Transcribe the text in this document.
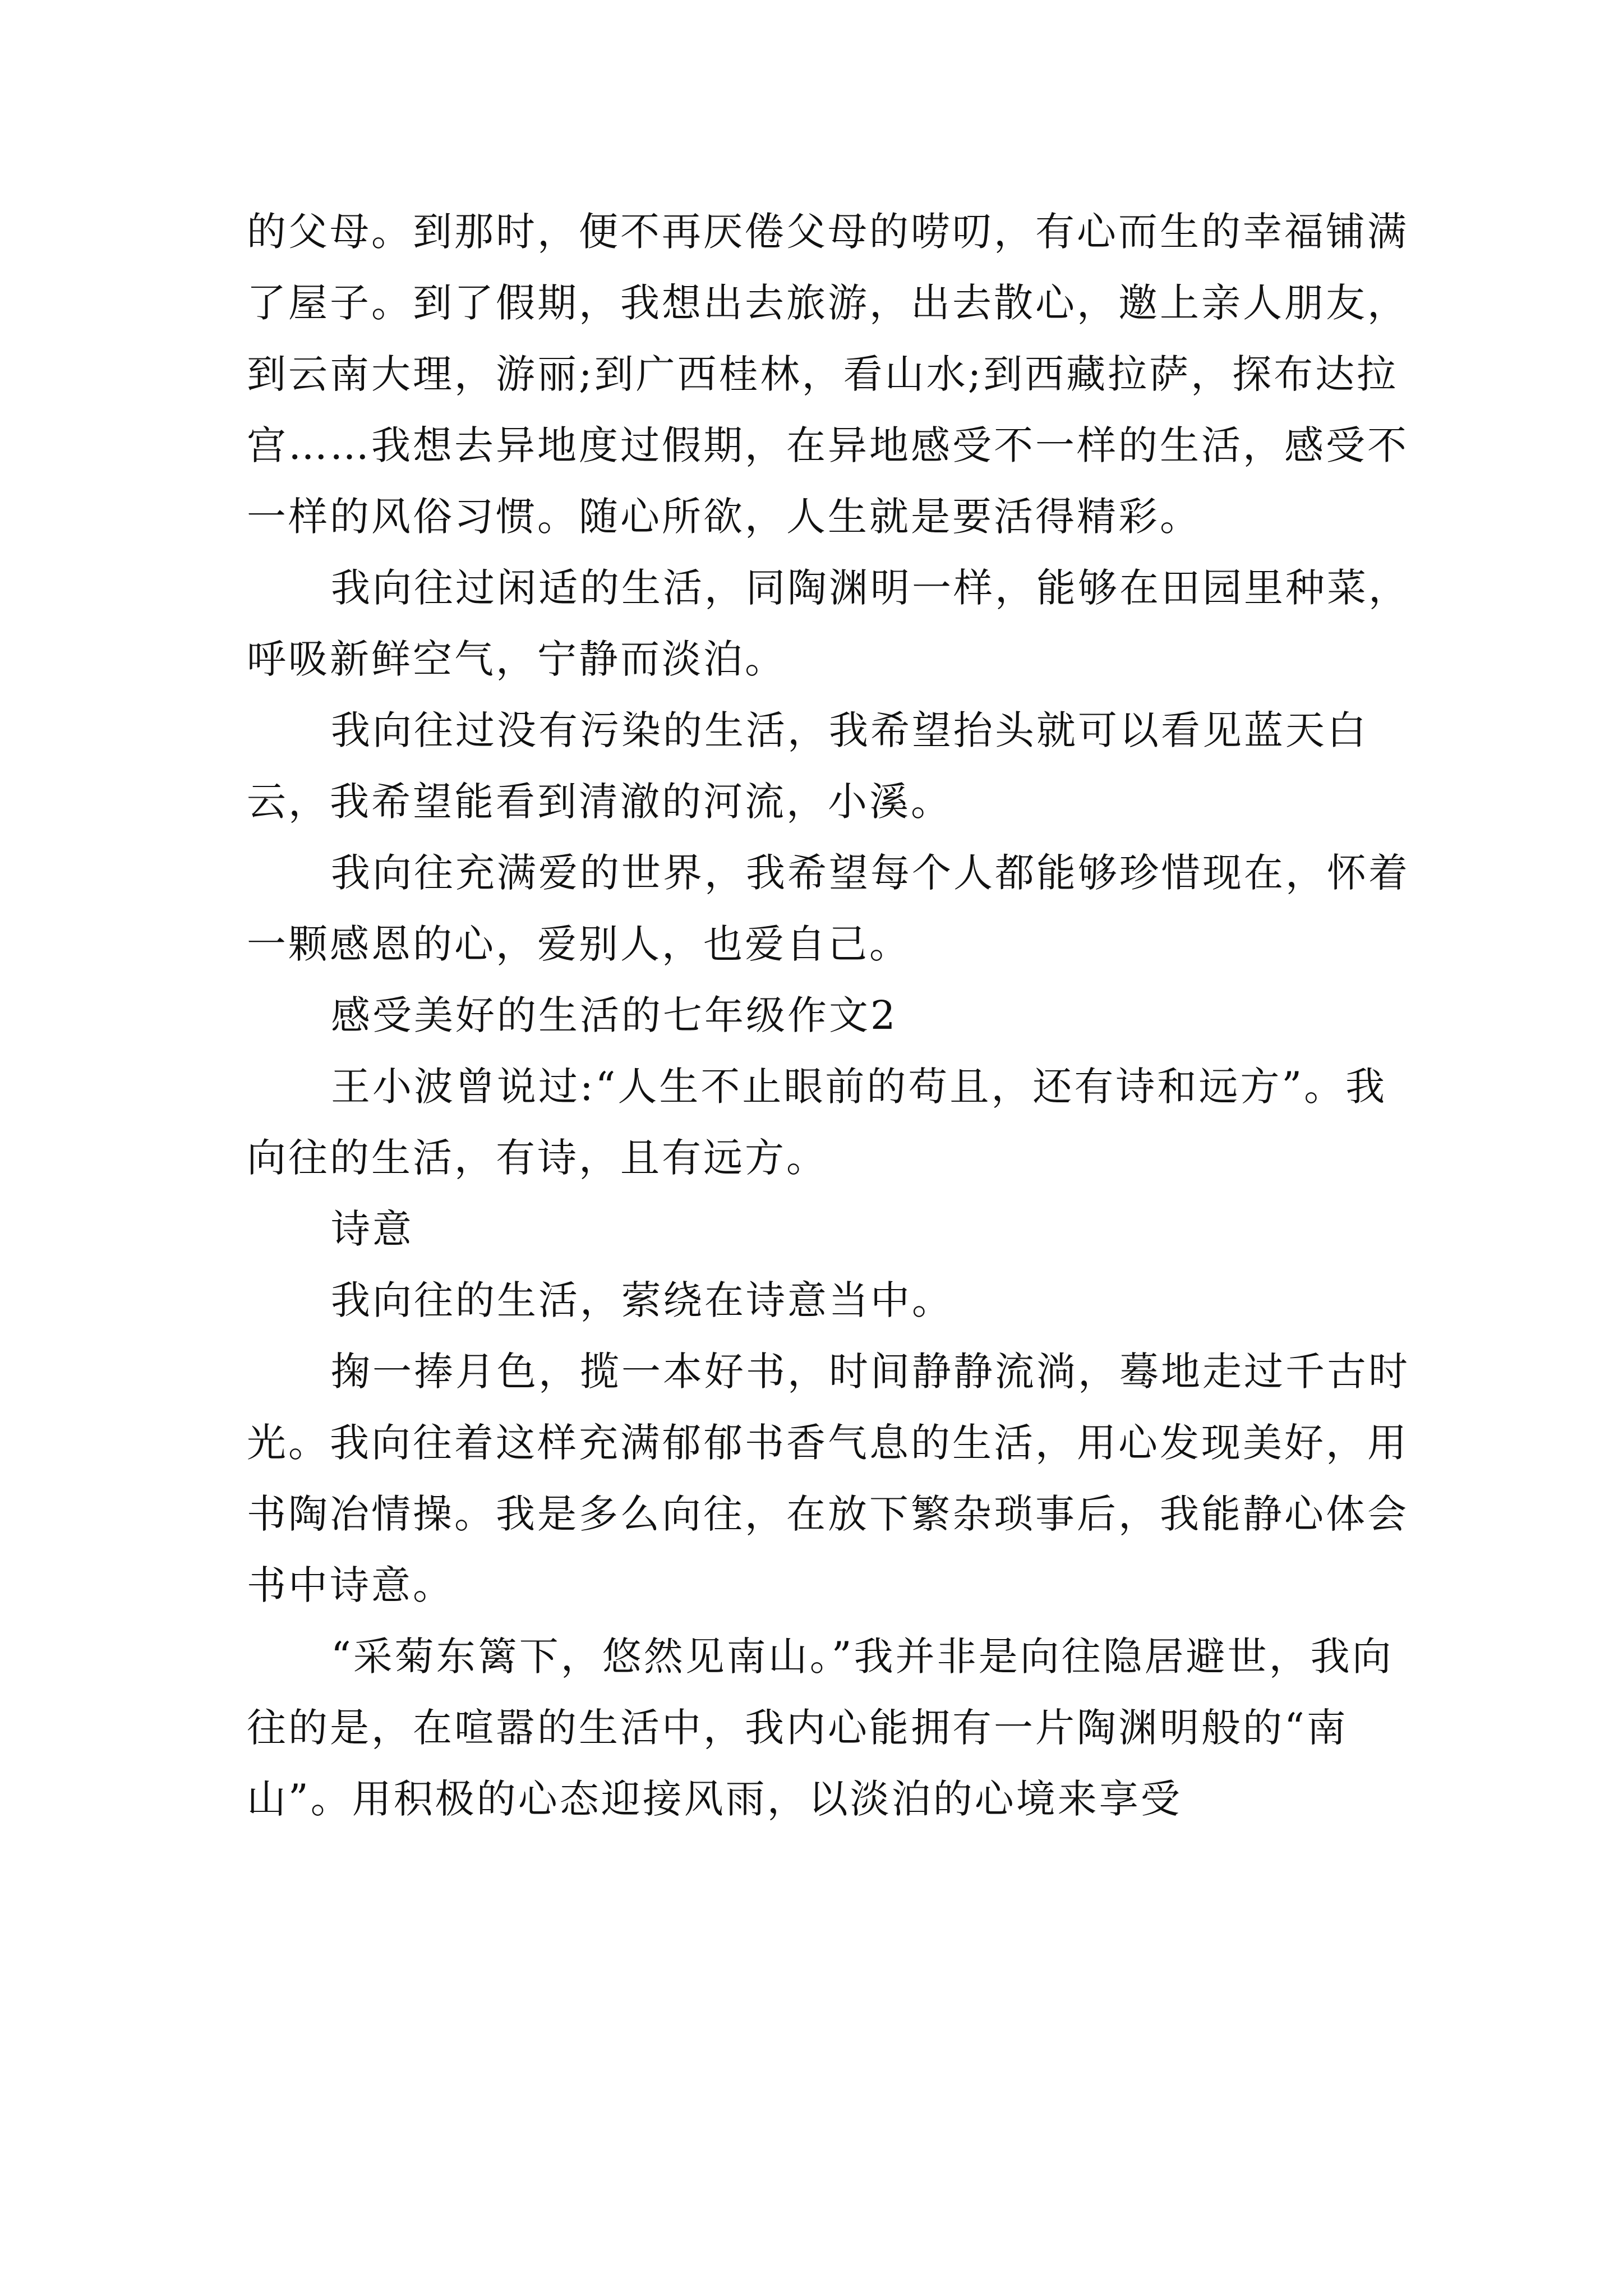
的父母。到那时，便不再厌倦父母的唠叨，有心而生的幸福铺满了屋子。到了假期，我想出去旅游，出去散心，邀上亲人朋友，到云南大理，游丽;到广西桂林，看山水;到西藏拉萨，探布达拉宫……我想去异地度过假期，在异地感受不一样的生活，感受不一样的风俗习惯。随心所欲，人生就是要活得精彩。

我向往过闲适的生活，同陶渊明一样，能够在田园里种菜，呼吸新鲜空气，宁静而淡泊。

我向往过没有污染的生活，我希望抬头就可以看见蓝天白云，我希望能看到清澈的河流，小溪。

我向往充满爱的世界，我希望每个人都能够珍惜现在，怀着一颗感恩的心，爱别人，也爱自己。

感受美好的生活的七年级作文2

王小波曾说过:“人生不止眼前的苟且，还有诗和远方”。我向往的生活，有诗，且有远方。

诗意

我向往的生活，萦绕在诗意当中。

掬一捧月色，揽一本好书，时间静静流淌，蓦地走过千古时光。我向往着这样充满郁郁书香气息的生活，用心发现美好，用书陶冶情操。我是多么向往，在放下繁杂琐事后，我能静心体会书中诗意。

“采菊东篱下，悠然见南山。”我并非是向往隐居避世，我向往的是，在喧嚣的生活中，我内心能拥有一片陶渊明般的“南山”。用积极的心态迎接风雨，以淡泊的心境来享受
